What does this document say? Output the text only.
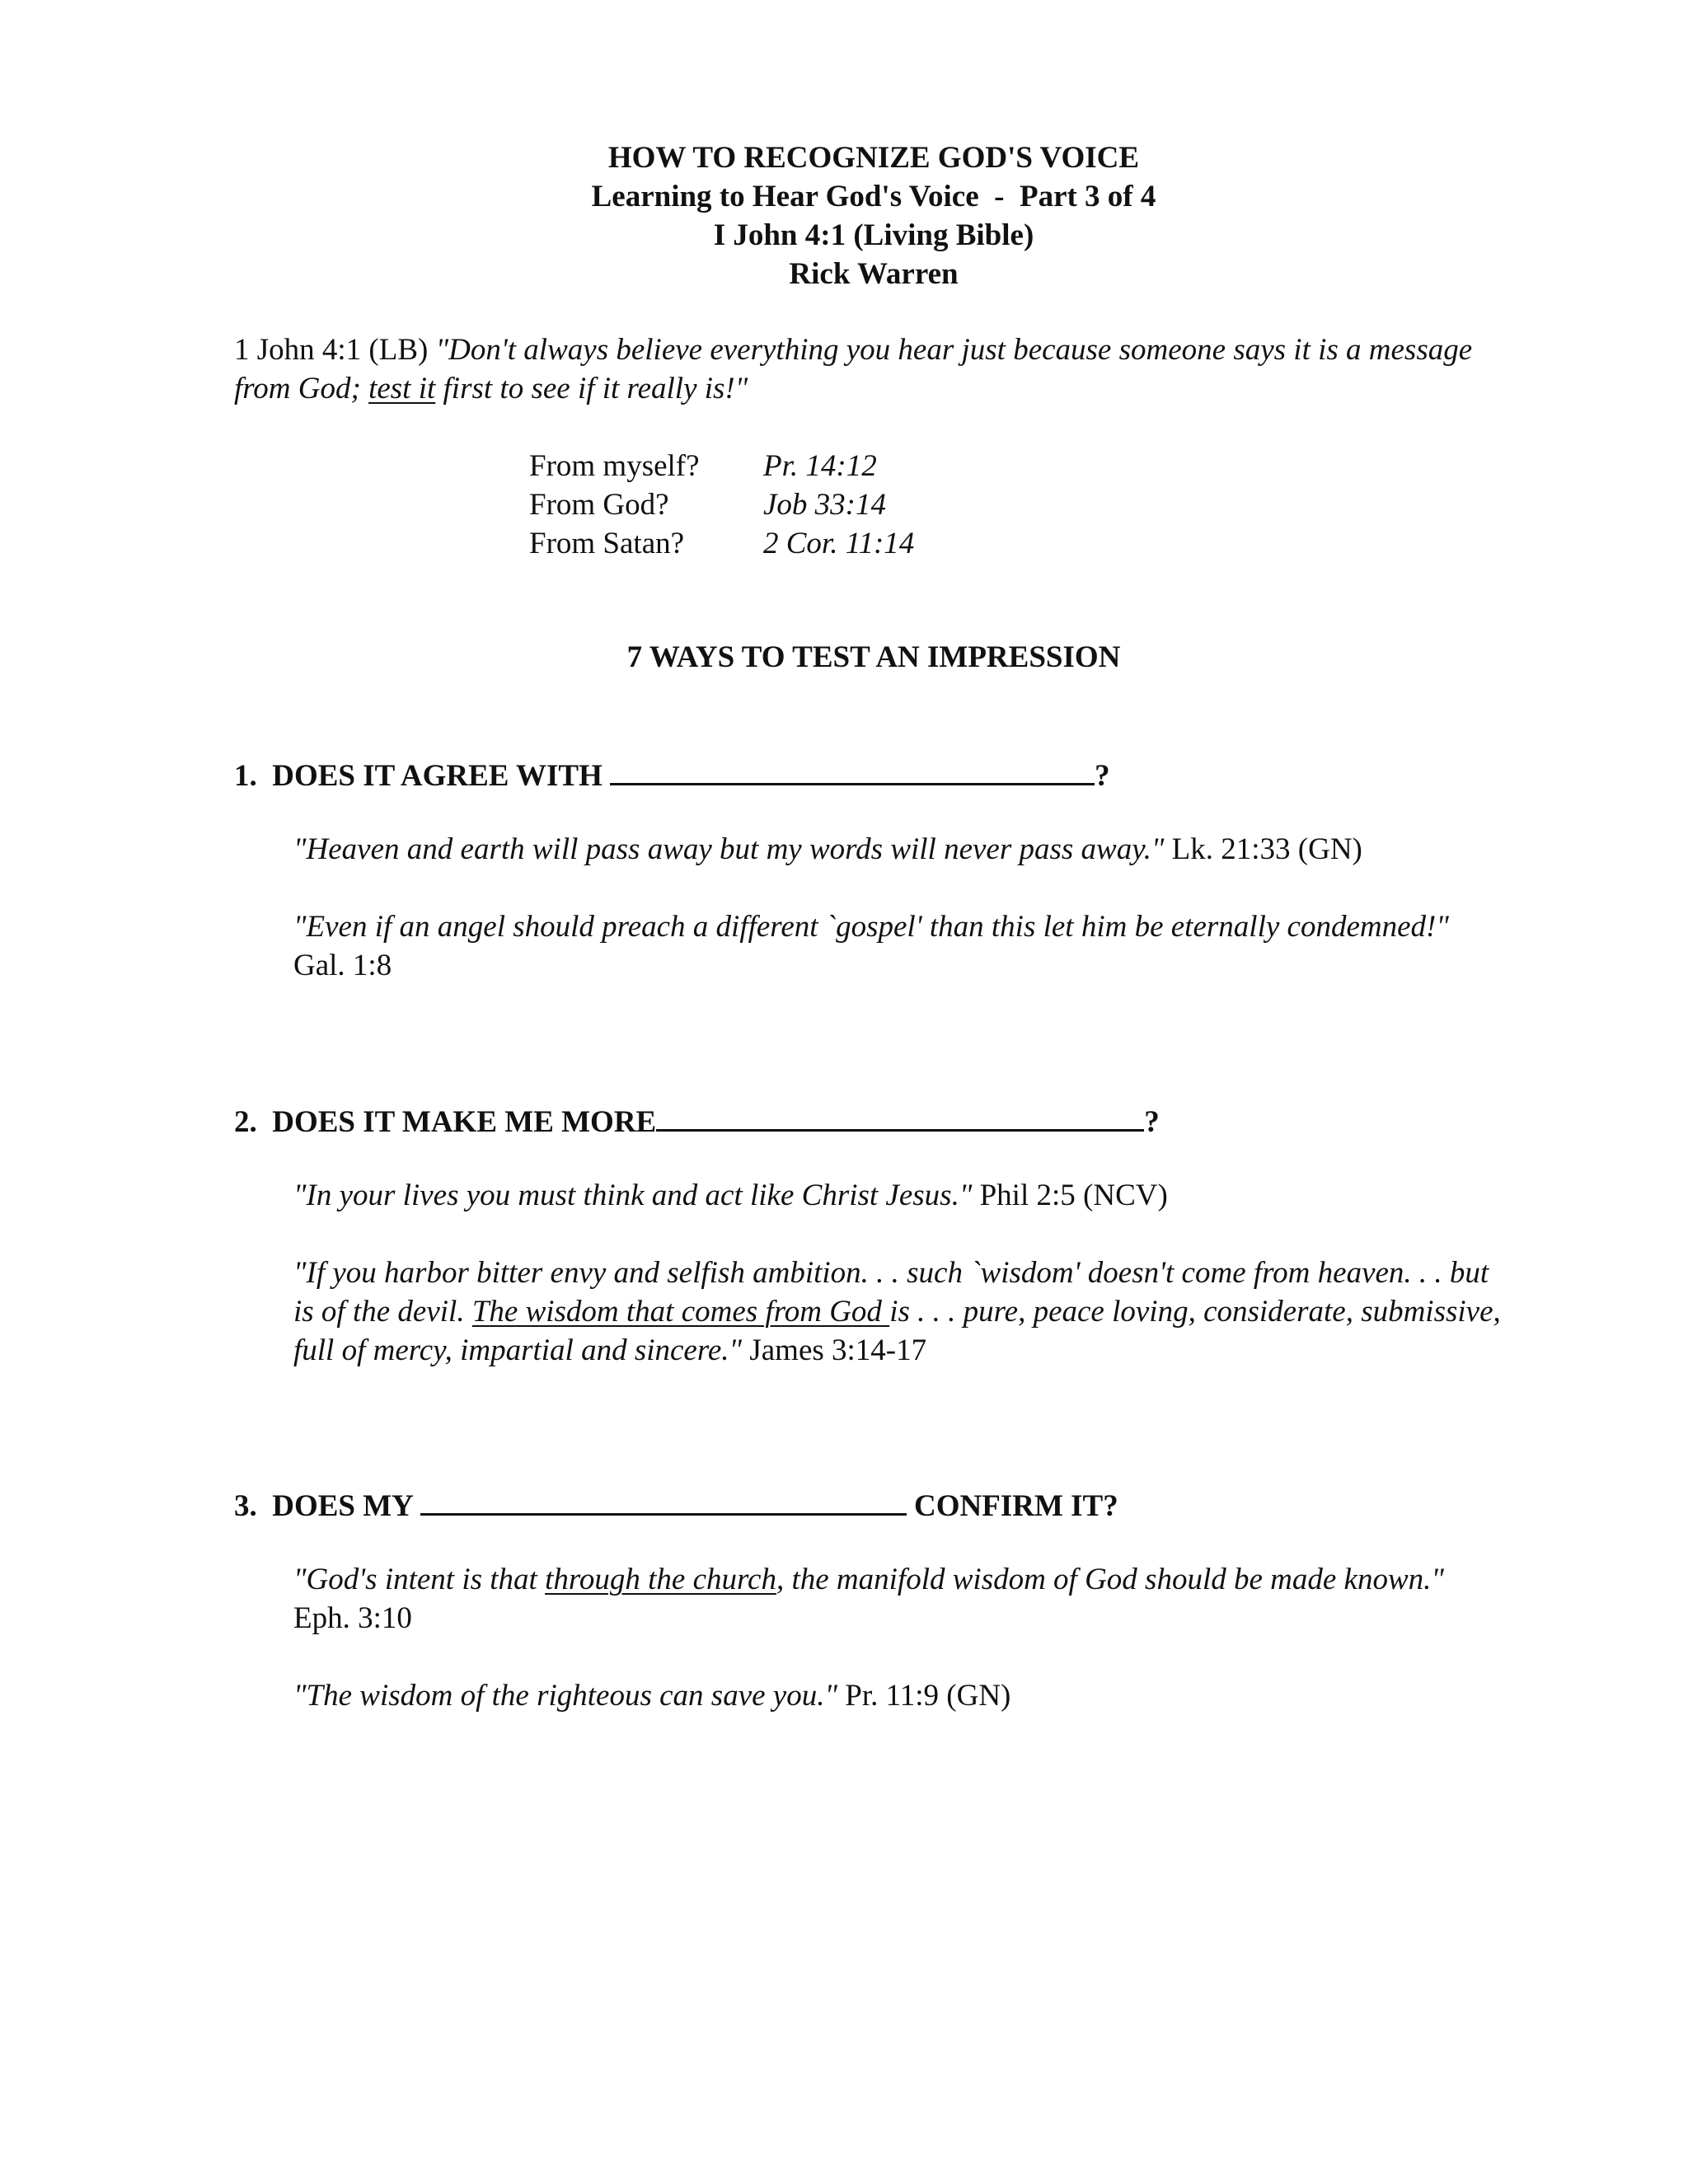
HOW TO RECOGNIZE GOD'S VOICE
Learning to Hear God's Voice  -  Part 3 of 4
I John 4:1 (Living Bible)
Rick Warren
1 John 4:1 (LB) "Don't always believe everything you hear just because someone says it is a message from God; test it first to see if it really is!"
From myself? Pr. 14:12
From God?	Job 33:14
From Satan?	2 Cor. 11:14
7 WAYS TO TEST AN IMPRESSION
1.  DOES IT AGREE WITH	?
"Heaven and earth will pass away but my words will never pass away." Lk. 21:33 (GN)
"Even if an angel should preach a different `gospel' than this let him be eternally condemned!" Gal. 1:8
2.  DOES IT MAKE ME MORE	?
"In your lives you must think and act like Christ Jesus." Phil 2:5 (NCV)
"If you harbor bitter envy and selfish ambition. . . such `wisdom' doesn't come from heaven. . . but is of the devil. The wisdom that comes from God is . . . pure, peace loving, considerate, submissive, full of mercy, impartial and sincere." James 3:14-17
3.  DOES MY	CONFIRM IT?
"God's intent is that through the church, the manifold wisdom of God should be made known." Eph. 3:10
"The wisdom of the righteous can save you." Pr. 11:9 (GN)
